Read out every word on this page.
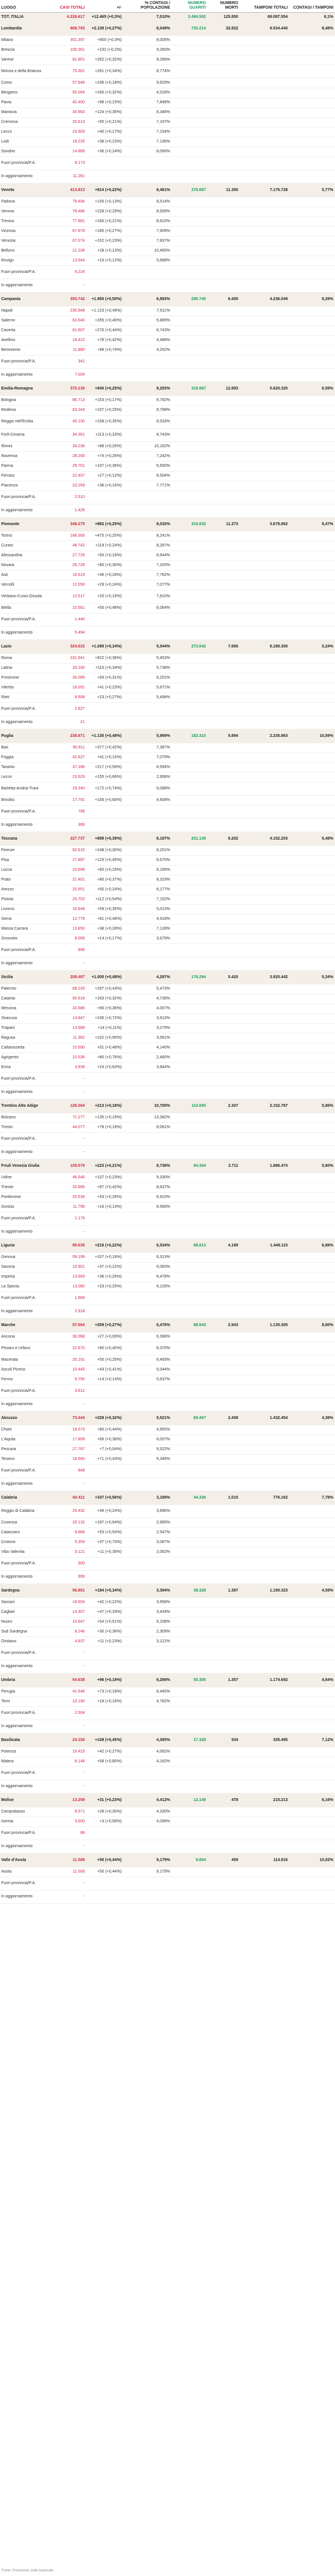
LUOGO	CASI TOTALI	+/-	% CONTAGI / POPOLAZIONE	NUMERO GUARITI	NUMERO MORTI	TAMPONI TOTALI	CONTAGI / TAMPONI
TOT. ITALIA	4.226.617	+12.465 (+0,3%)	7,010%	3.484.502	125.850	69.087.554	6,1%
Lombardia	808.793	+2.139 (+0,27%)	8,049%	733.214	32.822	9.534.440	8,48%
Milano	301.397	+900 (+0,3%)	8,005%				
Brescia	105.361	+232 (+0,2%)	9,260%				
Varese	81.801	+262 (+0,32%)	9,266%				
Monza e della Brianza	75.361	+261 (+0,34%)	8,774%				
Como	57.648	+106 (+0,18%)	9,629%				
Bergamo	50.064	+160 (+0,32%)	4,518%				
Pavia	42.400	+98 (+0,23%)	7,848%				
Mantova	34.963	+124 (+0,35%)	8,346%				
Cremona	25.613	+55 (+0,21%)	7,197%				
Lecco	23.903	+40 (+0,17%)	7,154%				
Lodi	16.226	+38 (+0,23%)	7,136%				
Sondrio	14.889	+36 (+0,24%)	8,066%				
Fuori provincia/P.A.	9.173						
In aggiornamento	11.261						
Veneto	413.813	+914 (+0,22%)	8,461%	378.687	11.350	7.176.728	5,77%
Padova	79.494	+105 (+0,13%)	8,514%				
Verona	78.486	+228 (+0,29%)	8,509%				
Treviso	77.881	+160 (+0,21%)	8,815%				
Vicenza	67.878	+185 (+0,27%)	7,909%				
Venezia	67.074	+152 (+0,23%)	7,837%				
Belluno	21.108	+28 (+0,13%)	10,465%				
Rovigo	13.544	+16 (+0,12%)	5,688%				
Fuori provincia/P.A.	9.224						
In aggiornamento	-						
Campania	393.742	+1.950 (+0,50%)	6,893%	295.740	6.405	4.236.049	9,29%
Napoli	230.948	+1.123 (+0,49%)	7,611%				
Salerno	63.640	+255 (+0,40%)	5,885%				
Caserta	61.607	+270 (+0,44%)	6,743%				
Avellino	18.422	+78 (+0,42%)	4,488%				
Benevento	11.880	+88 (+0,74%)	4,252%				
Fuori provincia/P.A.	341						
In aggiornamento	7.004						
Emilia-Romagna	370.130	+940 (+0,25%)	8,293%	318.867	12.893	5.620.325	6,59%
Bologna	86.713	+153 (+0,17%)	8,782%				
Modena	63.244	+157 (+0,25%)	8,798%				
Reggio nell'Emilia	45.150	+158 (+0,35%)	8,533%				
Forlì-Cesena	34.361	+113 (+0,33%)	8,743%				
Rimini	34.236	+88 (+0,26%)	10,162%				
Ravenna	28.293	+74 (+0,26%)	7,242%				
Parma	29.701	+107 (+0,36%)	6,650%				
Ferrara	22.407	+27 (+0,12%)	6,504%				
Piacenza	23.259	+38 (+0,16%)	7,771%				
Fuori provincia/P.A.	2.510						
In aggiornamento	1.426						
Piemonte	348.275	+882 (+0,25%)	8,032%	316.832	11.273	3.678.862	9,47%
Torino	186.393	+475 (+0,25%)	8,241%				
Cuneo	48.742	+119 (+0,24%)	8,287%				
Alessandria	27.725	+50 (+0,18%)	6,644%				
Novara	26.728	+80 (+0,30%)	7,320%				
Asti	16.619	+46 (+0,28%)	7,762%				
Vercelli	12.056	+29 (+0,24%)	7,077%				
Verbano-Cusio-Ossola	12.517	+20 (+0,16%)	7,810%				
Biella	10.561	+50 (+0,48%)	6,064%				
Fuori provincia/P.A.	1.440						
In aggiornamento	5.494						
Lazio	324.633	+1.099 (+0,34%)	5,544%	273.842	7.666	6.189.300	5,24%
Roma	231.841	+822 (+0,36%)	5,453%				
Latina	33.160	+110 (+0,34%)	5,738%				
Frosinone	30.085	+93 (+0,31%)	6,201%				
Viterbo	18.091	+41 (+0,23%)	5,671%				
Rieti	8.608	+23 (+0,27%)	5,498%				
Fuori provincia/P.A.	2.827						
In aggiornamento	21						
Puglia	238.871	+1.130 (+0,48%)	5,969%	182.315	5.894	2.235.863	10,59%
Bari	90.811	+377 (+0,42%)	7,387%				
Foggia	42.627	+41 (+0,10%)	7,079%				
Taranto	37.186	+217 (+0,59%)	6,594%				
Lecce	23.529	+155 (+0,66%)	2,958%				
Barletta-Andria-Trani	29.340	+172 (+0,74%)	6,088%				
Brindisi	17.791	+106 (+0,60%)	4,608%				
Fuori provincia/P.A.	799						
In aggiornamento	366						
Toscana	227.737	+899 (+0,39%)	6,187%	201.136	6.202	4.152.203	5,48%
Firenze	82.615	+248 (+0,30%)	8,201%				
Pisa	27.887	+125 (+0,45%)	6,670%				
Lucca	23.699	+60 (+0,25%)	6,165%				
Prato	21.401	+80 (+0,37%)	8,319%				
Arezzo	20.951	+50 (+0,24%)	6,177%				
Pistoia	20.702	+112 (+0,54%)	7,152%				
Livorno	16.648	+59 (+0,35%)	5,013%				
Siena	12.778	+61 (+0,48%)	4,918%				
Massa Carrara	13.850	+38 (+0,28%)	7,128%				
Grosseto	8.069	+14 (+0,17%)	3,679%				
Fuori provincia/P.A.	996						
In aggiornamento	-						
Sicilia	208.467	+1.000 (+0,48%)	4,297%	176.294	5.420	3.920.442	5,34%
Palermo	68.233	+297 (+0,43%)	5,473%				
Catania	50.918	+163 (+0,32%)	4,739%				
Messina	24.586	+90 (+0,36%)	4,007%				
Siracusa	14.847	+106 (+0,72%)	3,813%				
Trapani	13.988	+14 (+0,11%)	3,279%				
Ragusa	11.362	+102 (+0,90%)	3,561%				
Caltanissetta	10.590	+51 (+0,48%)	4,140%				
Agrigento	10.536	+80 (+0,76%)	2,480%				
Enna	3.839	+24 (+0,63%)	3,844%				
Fuori provincia/P.A.	-						
In aggiornamento	-						
Trentino Alto Adige	126.264	+213 (+0,18%)	10,700%	110.655	2.307	2.152.787	5,86%
Bolzano	71.277	+135 (+0,19%)	13,382%				
Trento	44.077	+78 (+0,18%)	8,061%				
Fuori provincia/P.A.	-						
In aggiornamento	-						
Friuli Venezia Giulia	105.579	+223 (+0,21%)	8,736%	94.304	3.711	1.886.474	5,60%
Udine	46.546	+107 (+0,23%)	9,330%				
Trieste	20.685	+87 (+0,42%)	8,637%				
Pordenone	20.534	+53 (+0,26%)	6,910%				
Gorizia	11.799	+16 (+0,14%)	8,566%				
Fuori provincia/P.A.	1.176						
In aggiornamento	-						
Liguria	99.635	+216 (+0,22%)	6,534%	88.813	4.189	1.449.115	6,88%
Genova	59.199	+107 (+0,18%)	6,313%				
Savona	16.901	+37 (+0,22%)	6,083%				
Imperia	13.683	+36 (+0,26%)	6,478%				
La Spezia	13.080	+33 (+0,25%)	6,126%				
Fuori provincia/P.A.	1.866						
In aggiornamento	2.918						
Marche	97.664	+209 (+0,27%)	6,476%	88.643	2.943	1.135.305	8,60%
Ancona	30.068	+27 (+0,09%)	6,396%				
Pesaro e Urbino	22.670	+90 (+0,40%)	6,370%				
Macerata	20.191	+50 (+0,25%)	6,493%				
Ascoli Piceno	10.445	+43 (+0,41%)	5,044%				
Fermo	9.750	+14 (+0,14%)	5,637%				
Fuori provincia/P.A.	3.812						
In aggiornamento	-						
Abruzzo	73.444	+228 (+0,32%)	5,521%	60.467	2.408	1.432.454	4,38%
Chieti	18.573	+80 (+0,44%)	4,855%				
L'Aquila	17.808	+66 (+0,38%)	6,007%				
Pescara	27.787	+7 (+0,04%)	9,522%				
Teramo	18.660	+71 (+0,43%)	5,346%				
Fuori provincia/P.A.	848						
In aggiornamento	-						
Calabria	60.411	+337 (+0,56%)	3,189%	44.336	1.015	776.162	7,78%
Reggio di Calabria	20.432	+49 (+0,24%)	3,896%				
Cosenza	20.132	+187 (+0,94%)	2,885%				
Catanzaro	9.868	+53 (+0,54%)	2,547%				
Crotone	5.359	+37 (+0,70%)	3,087%				
Vibo Valentia	3.121	+11 (+0,35%)	2,062%				
Fuori provincia/P.A.	500						
In aggiornamento	999						
Sardegna	56.801	+184 (+0,34%)	3,394%	38.328	1.387	1.190.323	4,59%
Sassari	18.604	+42 (+0,22%)	3,958%				
Cagliari	14.307	+47 (+0,33%)	3,434%				
Nuoro	10.647	+54 (+0,51%)	5,108%				
Sud Sardegna	8.246	+30 (+0,36%)	2,309%				
Oristano	4.837	+11 (+0,23%)	3,121%				
Fuori provincia/P.A.	-						
In aggiornamento	-						
Umbria	54.638	+96 (+0,18%)	6,266%	50.305	1.357	1.174.692	4,64%
Perugia	41.648	+73 (+0,18%)	6,440%				
Terni	10.180	+18 (+0,18%)	4,782%				
Fuori provincia/P.A.	2.504						
In aggiornamento	-						
Basilicata	24.150	+108 (+0,45%)	4,365%	17.328	534	335.495	7,12%
Potenza	15.423	+42 (+0,27%)	4,062%				
Matera	8.148	+58 (+0,80%)	4,182%				
Fuori provincia/P.A.	-						
In aggiornamento	-						
Molise	13.259	+31 (+0,23%)	4,412%	12.148	478	215.213	6,16%
Campobasso	9.571	+28 (+0,30%)	4,330%				
Isernia	3.600	+3 (+0,08%)	4,096%				
Fuori provincia/P.A.	88						
In aggiornamento	-						
Valle d'Aosta	11.506	+50 (+0,44%)	9,179%	9.804	459	114.816	10,02%
Aosta	11.506	+50 (+0,44%)	9,179%				
Fuori provincia/P.A.	-						
In aggiornamento	-						
Fonte: Protezione civile nazionale
